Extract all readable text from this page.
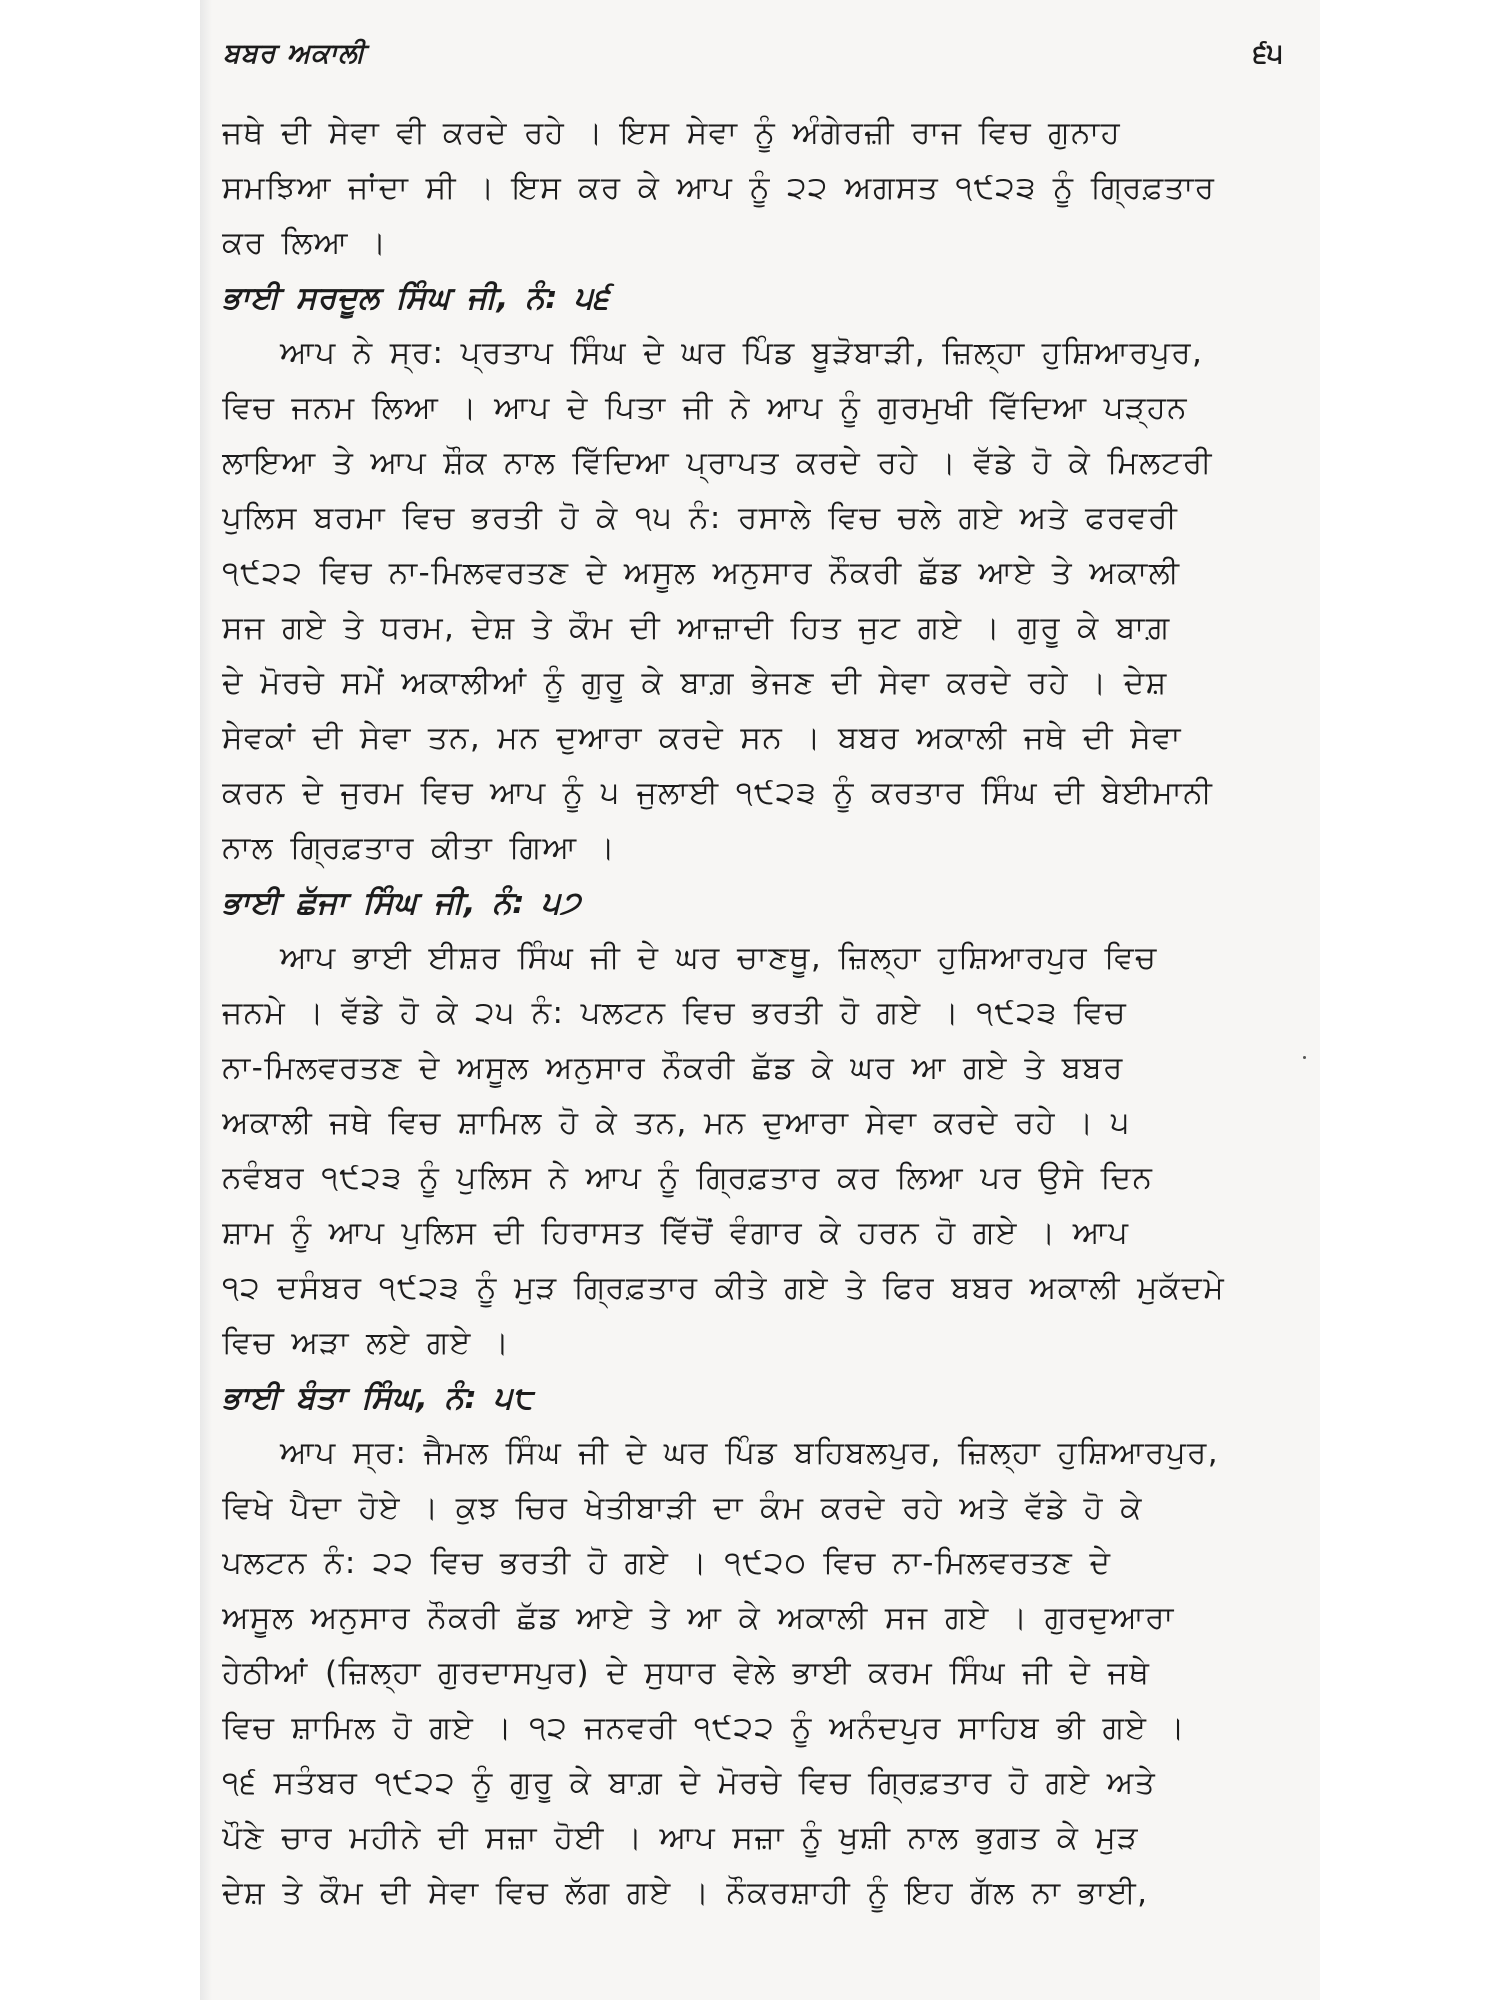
ਬਬਰ ਅਕਾਲੀ	੬੫
ਜਥੇ ਦੀ ਸੇਵਾ ਵੀ ਕਰਦੇ ਰਹੇ । ਇਸ ਸੇਵਾ ਨੂੰ ਅੰਗੇਰਜ਼ੀ ਰਾਜ ਵਿਚ ਗੁਨਾਹ
ਸਮਝਿਆ ਜਾਂਦਾ ਸੀ । ਇਸ ਕਰ ਕੇ ਆਪ ਨੂੰ ੨੨ ਅਗਸਤ ੧੯੨੩ ਨੂੰ ਗ੍ਰਿਫ਼ਤਾਰ
ਕਰ ਲਿਆ ।
ਭਾਈ ਸਰਦੂਲ ਸਿੰਘ ਜੀ, ਨੰ: ੫੬
ਆਪ ਨੇ ਸ੍ਰ: ਪ੍ਰਤਾਪ ਸਿੰਘ ਦੇ ਘਰ ਪਿੰਡ ਬੂੜੋਬਾੜੀ, ਜ਼ਿਲ੍ਹਾ ਹੁਸ਼ਿਆਰਪੁਰ,
ਵਿਚ ਜਨਮ ਲਿਆ । ਆਪ ਦੇ ਪਿਤਾ ਜੀ ਨੇ ਆਪ ਨੂੰ ਗੁਰਮੁਖੀ ਵਿੱਦਿਆ ਪੜ੍ਹਨ
ਲਾਇਆ ਤੇ ਆਪ ਸ਼ੌਕ ਨਾਲ ਵਿੱਦਿਆ ਪ੍ਰਾਪਤ ਕਰਦੇ ਰਹੇ । ਵੱਡੇ ਹੋ ਕੇ ਮਿਲਟਰੀ
ਪੁਲਿਸ ਬਰਮਾ ਵਿਚ ਭਰਤੀ ਹੋ ਕੇ ੧੫ ਨੰ: ਰਸਾਲੇ ਵਿਚ ਚਲੇ ਗਏ ਅਤੇ ਫਰਵਰੀ
੧੯੨੨ ਵਿਚ ਨਾ-ਮਿਲਵਰਤਣ ਦੇ ਅਸੂਲ ਅਨੁਸਾਰ ਨੌਕਰੀ ਛੱਡ ਆਏ ਤੇ ਅਕਾਲੀ
ਸਜ ਗਏ ਤੇ ਧਰਮ, ਦੇਸ਼ ਤੇ ਕੌਮ ਦੀ ਆਜ਼ਾਦੀ ਹਿਤ ਜੁਟ ਗਏ । ਗੁਰੂ ਕੇ ਬਾਗ਼
ਦੇ ਮੋਰਚੇ ਸਮੇਂ ਅਕਾਲੀਆਂ ਨੂੰ ਗੁਰੂ ਕੇ ਬਾਗ਼ ਭੇਜਣ ਦੀ ਸੇਵਾ ਕਰਦੇ ਰਹੇ । ਦੇਸ਼
ਸੇਵਕਾਂ ਦੀ ਸੇਵਾ ਤਨ, ਮਨ ਦੁਆਰਾ ਕਰਦੇ ਸਨ । ਬਬਰ ਅਕਾਲੀ ਜਥੇ ਦੀ ਸੇਵਾ
ਕਰਨ ਦੇ ਜੁਰਮ ਵਿਚ ਆਪ ਨੂੰ ੫ ਜੁਲਾਈ ੧੯੨੩ ਨੂੰ ਕਰਤਾਰ ਸਿੰਘ ਦੀ ਬੇਈਮਾਨੀ
ਨਾਲ ਗ੍ਰਿਫ਼ਤਾਰ ਕੀਤਾ ਗਿਆ ।
ਭਾਈ ਛੱਜਾ ਸਿੰਘ ਜੀ, ਨੰ: ੫੭
ਆਪ ਭਾਈ ਈਸ਼ਰ ਸਿੰਘ ਜੀ ਦੇ ਘਰ ਚਾਣਥੂ, ਜ਼ਿਲ੍ਹਾ ਹੁਸ਼ਿਆਰਪੁਰ ਵਿਚ
ਜਨਮੇ । ਵੱਡੇ ਹੋ ਕੇ ੨੫ ਨੰ: ਪਲਟਨ ਵਿਚ ਭਰਤੀ ਹੋ ਗਏ । ੧੯੨੩ ਵਿਚ
ਨਾ-ਮਿਲਵਰਤਣ ਦੇ ਅਸੂਲ ਅਨੁਸਾਰ ਨੌਕਰੀ ਛੱਡ ਕੇ ਘਰ ਆ ਗਏ ਤੇ ਬਬਰ
ਅਕਾਲੀ ਜਥੇ ਵਿਚ ਸ਼ਾਮਿਲ ਹੋ ਕੇ ਤਨ, ਮਨ ਦੁਆਰਾ ਸੇਵਾ ਕਰਦੇ ਰਹੇ । ੫
ਨਵੰਬਰ ੧੯੨੩ ਨੂੰ ਪੁਲਿਸ ਨੇ ਆਪ ਨੂੰ ਗ੍ਰਿਫ਼ਤਾਰ ਕਰ ਲਿਆ ਪਰ ਉਸੇ ਦਿਨ
ਸ਼ਾਮ ਨੂੰ ਆਪ ਪੁਲਿਸ ਦੀ ਹਿਰਾਸਤ ਵਿੱਚੋਂ ਵੰਗਾਰ ਕੇ ਹਰਨ ਹੋ ਗਏ । ਆਪ
੧੨ ਦਸੰਬਰ ੧੯੨੩ ਨੂੰ ਮੁੜ ਗ੍ਰਿਫ਼ਤਾਰ ਕੀਤੇ ਗਏ ਤੇ ਫਿਰ ਬਬਰ ਅਕਾਲੀ ਮੁਕੱਦਮੇ
ਵਿਚ ਅੜਾ ਲਏ ਗਏ ।
ਭਾਈ ਬੰਤਾ ਸਿੰਘ, ਨੰ: ੫੮
ਆਪ ਸ੍ਰ: ਜੈਮਲ ਸਿੰਘ ਜੀ ਦੇ ਘਰ ਪਿੰਡ ਬਹਿਬਲਪੁਰ, ਜ਼ਿਲ੍ਹਾ ਹੁਸ਼ਿਆਰਪੁਰ,
ਵਿਖੇ ਪੈਦਾ ਹੋਏ । ਕੁਝ ਚਿਰ ਖੇਤੀਬਾੜੀ ਦਾ ਕੰਮ ਕਰਦੇ ਰਹੇ ਅਤੇ ਵੱਡੇ ਹੋ ਕੇ
ਪਲਟਨ ਨੰ: ੨੨ ਵਿਚ ਭਰਤੀ ਹੋ ਗਏ । ੧੯੨੦ ਵਿਚ ਨਾ-ਮਿਲਵਰਤਣ ਦੇ
ਅਸੂਲ ਅਨੁਸਾਰ ਨੌਕਰੀ ਛੱਡ ਆਏ ਤੇ ਆ ਕੇ ਅਕਾਲੀ ਸਜ ਗਏ । ਗੁਰਦੁਆਰਾ
ਹੇਠੀਆਂ (ਜ਼ਿਲ੍ਹਾ ਗੁਰਦਾਸਪੁਰ) ਦੇ ਸੁਧਾਰ ਵੇਲੇ ਭਾਈ ਕਰਮ ਸਿੰਘ ਜੀ ਦੇ ਜਥੇ
ਵਿਚ ਸ਼ਾਮਿਲ ਹੋ ਗਏ । ੧੨ ਜਨਵਰੀ ੧੯੨੨ ਨੂੰ ਅਨੰਦਪੁਰ ਸਾਹਿਬ ਭੀ ਗਏ ।
੧੬ ਸਤੰਬਰ ੧੯੨੨ ਨੂੰ ਗੁਰੂ ਕੇ ਬਾਗ਼ ਦੇ ਮੋਰਚੇ ਵਿਚ ਗ੍ਰਿਫ਼ਤਾਰ ਹੋ ਗਏ ਅਤੇ
ਪੌਣੇ ਚਾਰ ਮਹੀਨੇ ਦੀ ਸਜ਼ਾ ਹੋਈ । ਆਪ ਸਜ਼ਾ ਨੂੰ ਖੁਸ਼ੀ ਨਾਲ ਭੁਗਤ ਕੇ ਮੁੜ
ਦੇਸ਼ ਤੇ ਕੌਮ ਦੀ ਸੇਵਾ ਵਿਚ ਲੱਗ ਗਏ । ਨੌਕਰਸ਼ਾਹੀ ਨੂੰ ਇਹ ਗੱਲ ਨਾ ਭਾਈ,
